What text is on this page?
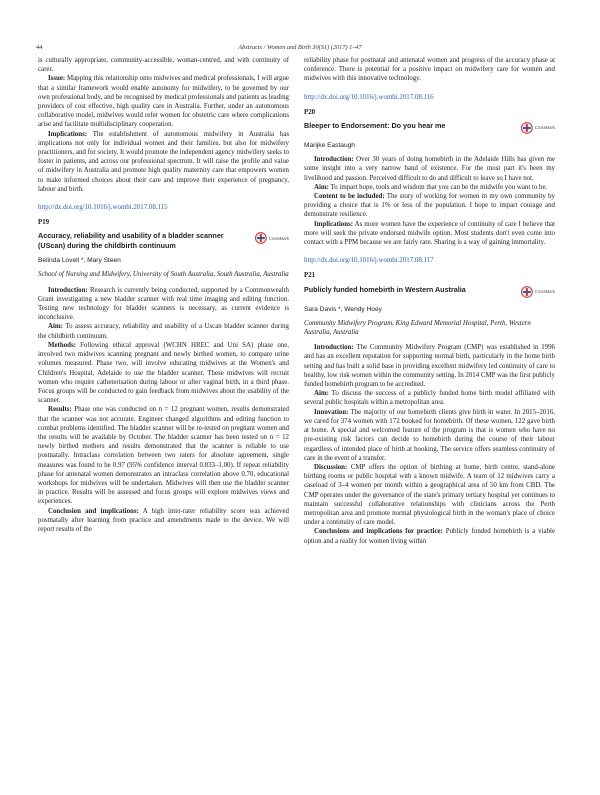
44	Abstracts / Women and Birth 30(S1) (2017) 1–47

is culturally appropriate, community-accessible, woman-centred, and with continuity of carer.

Issue: Mapping this relationship onto midwives and medical professionals, I will argue that a similar framework would enable autonomy for midwifery, to be governed by our own professional body, and be recognised by medical professionals and patients as leading providers of cost effective, high quality care in Australia. Further, under an autonomous collaborative model, midwives would refer women for obstetric care where complications arise and facilitate multidisciplinary cooperation.

Implications: The establishment of autonomous midwifery in Australia has implications not only for individual women and their families, but also for midwifery practitioners, and for society. It would promote the independent agency midwifery seeks to foster in patients, and across our professional spectrum. It will raise the profile and value of midwifery in Australia and promote high quality maternity care that empowers women to make informed choices about their care and improve their experience of pregnancy, labour and birth.

http://dx.doi.org/10.1016/j.wombi.2017.08.115
P19
Accuracy, reliability and usability of a bladder scanner (UScan) during the childbirth continuum
CrossMark
Belinda Lovell *, Mary Steen
School of Nursing and Midwifery, University of South Australia, South Australia, Australia

Introduction: Research is currently being conducted, supported by a Commonwealth Grant investigating a new bladder scanner with real time imaging and editing function. Testing new technology for bladder scanners is necessary, as current evidence is inconclusive.

Aim: To assess accuracy, reliability and usability of a Uscan bladder scanner during the childbirth continuum.

Methods: Following ethical approval (WCHN HREC and Uni SA) phase one, involved two midwives scanning pregnant and newly birthed women, to compare urine volumes measured. Phase two, will involve educating midwives at the Women's and Children's Hospital, Adelaide to use the bladder scanner. These midwives will recruit women who require catheterisation during labour or after vaginal birth, in a third phase. Focus groups will be conducted to gain feedback from midwives about the usability of the scanner.

Results: Phase one was conducted on n = 12 pregnant women, results demonstrated that the scanner was not accurate. Engineer changed algorithms and editing function to combat problems identified. The bladder scanner will be re-tested on pregnant women and the results will be available by October. The bladder scanner has been tested on n = 12 newly birthed mothers and results demonstrated that the scanner is reliable to use postnatally. Intraclass correlation between two raters for absolute agreement, single measures was found to be 0.97 (95% confidence interval 0.833–1.00). If repeat reliability phase for antenatal women demonstrates an intraclass correlation above 0.70, educational workshops for midwives will be undertaken. Midwives will then use the bladder scanner in practice. Results will be assessed and focus groups will explore midwives views and experiences.

Conclusion and implications: A high inter-rater reliability score was achieved postnatally after learning from practice and amendments made to the device. We will report results of the

reliability phase for postnatal and antenatal women and progress of the accuracy phase at conference. There is potential for a positive impact on midwifery care for women and midwives with this innovative technology.

http://dx.doi.org/10.1016/j.wombi.2017.08.116
P20
Bleeper to Endorsement: Do you hear me	CrossMark
Marijke Eastaugh

Introduction: Over 30 years of doing homebirth in the Adelaide Hills has given me some insight into a very narrow band of existence. For the most part it's been my livelihood and passion. Perceived difficult to do and difficult to leave so I have not.

Aim: To impart hope, tools and wisdom that you can be the midwife you want to be.

Content to be included: The story of working for women in my own community by providing a choice that is 1% or less of the population. I hope to impart courage and demonstrate resilience.

Implications: As more women have the experience of continuity of care I believe that more will seek the private endorsed midwife option. Most students don't even come into contact with a PPM because we are fairly rare. Sharing is a way of gaining immortality.

http://dx.doi.org/10.1016/j.wombi.2017.08.117
P21
Publicly funded homebirth in Western Australia	CrossMark
Sara Davis *, Wendy Hoey
Community Midwifery Program, King Edward Memorial Hospital, Perth, Western Australia, Australia

Introduction: The Community Midwifery Program (CMP) was established in 1996 and has an excellent reputation for supporting normal birth, particularly in the home birth setting and has built a solid base in providing excellent midwifery led continuity of care to healthy, low risk women within the community setting. In 2014 CMP was the first publicly funded homebirth program to be accredited.

Aim: To discuss the success of a publicly funded home birth model affiliated with several public hospitals within a metropolitan area.

Innovation: The majority of our homebirth clients give birth in water. In 2015–2016, we cared for 374 women with 172 booked for homebirth. Of these women, 122 gave birth at home. A special and welcomed feature of the program is that is women who have no pre-existing risk factors can decide to homebirth during the course of their labour regardless of intended place of birth at booking. The service offers seamless continuity of care in the event of a transfer.

Discussion: CMP offers the option of birthing at home, birth centre, stand-alone birthing rooms or public hospital with a known midwife. A team of 12 midwives carry a caseload of 3–4 women per month within a geographical area of 50 km from CBD. The CMP operates under the governance of the state's primary tertiary hospital yet continues to maintain successful collaborative relationships with clinicians across the Perth metropolitan area and promote normal physiological birth in the woman's place of choice under a continuity of care model.

Conclusions and implications for practice: Publicly funded homebirth is a viable option and a reality for women living within
